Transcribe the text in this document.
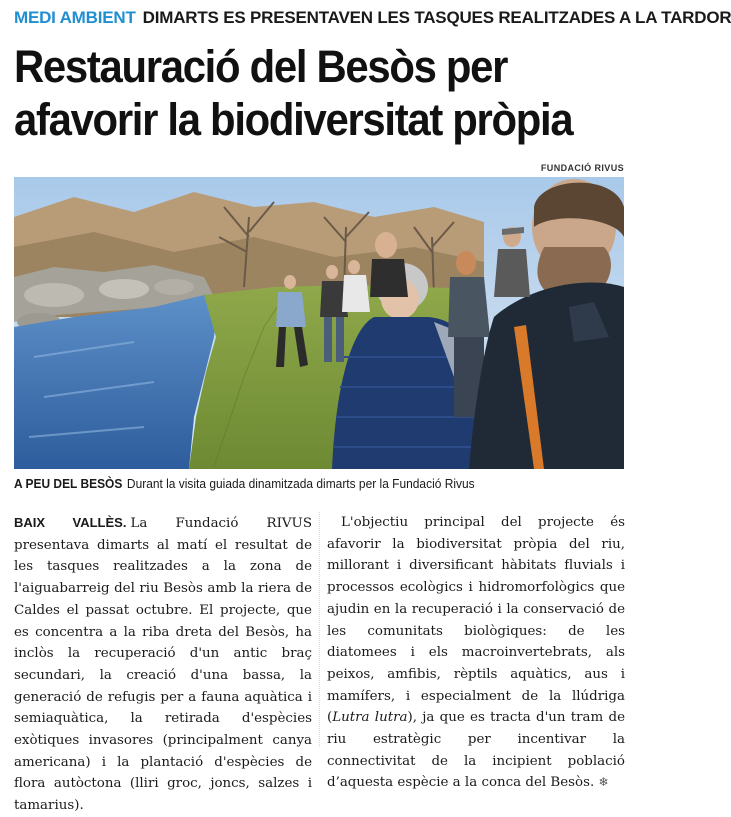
MEDI AMBIENT DIMARTS ES PRESENTAVEN LES TASQUES REALITZADES A LA TARDOR
Restauració del Besòs per
afavorir la biodiversitat pròpia
FUNDACIÓ RIVUS
A PEU DEL BESÒS Durant la visita guiada dinamitzada dimarts per la Fundació Rivus
BAIX VALLÈS. La Fundació RIVUS presentava dimarts al matí el resultat de les tasques realitzades a la zona de l'aiguabarreig del riu Besòs amb la riera de Caldes el passat octubre. El projecte, que es concentra a la riba dreta del Besòs, ha inclòs la recuperació d'un antic braç secundari, la creació d'una bassa, la generació de refugis per a fauna aquàtica i semiaquàtica, la retirada d'espècies exòtiques invasores (principalment canya americana) i la plantació d'espècies de flora autòctona (lliri groc, joncs, salzes i tamarius).
L'objectiu principal del projecte és afavorir la biodiversitat pròpia del riu, millorant i diversificant hàbitats fluvials i processos ecològics i hidromorfològics que ajudin en la recuperació i la conservació de les comunitats biològiques: de les diatomees i els macroinvertebrats, als peixos, amfibis, rèptils aquàtics, aus i mamífers, i especialment de la llúdriga (Lutra lutra), ja que es tracta d'un tram de riu estratègic per incentivar la connectivitat de la incipient població d’aquesta espècie a la conca del Besòs. ❄
